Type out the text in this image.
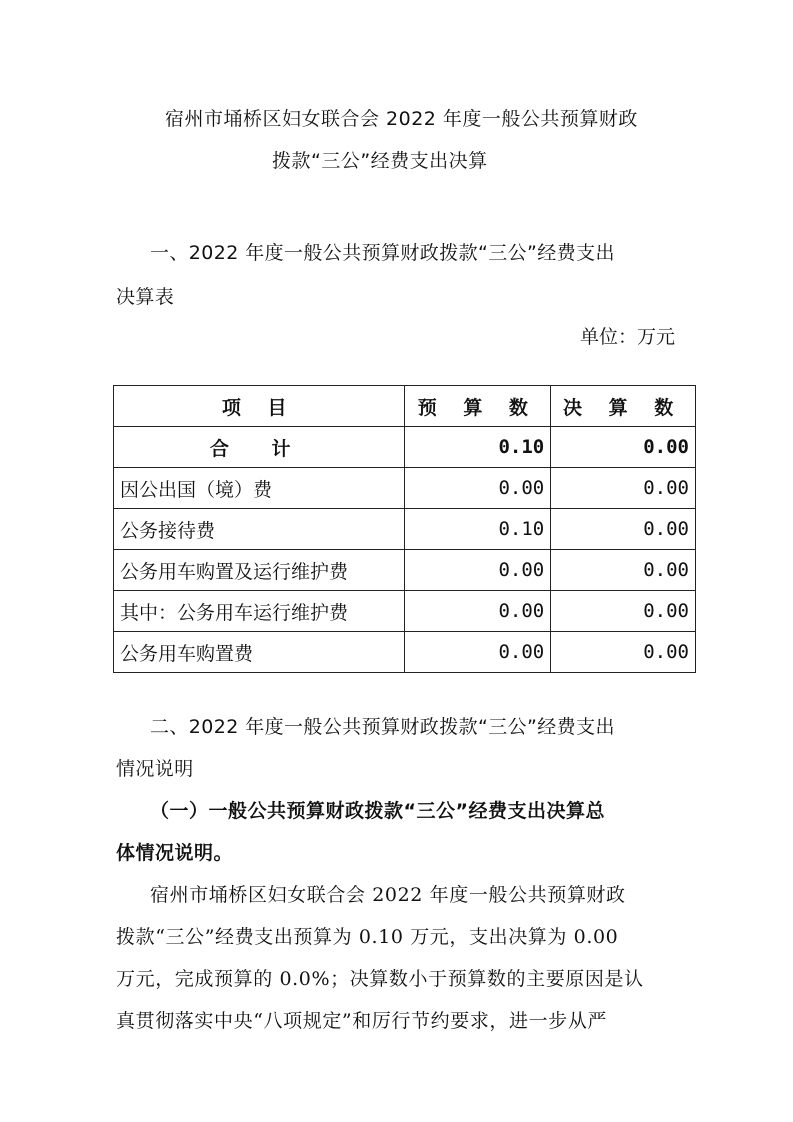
宿州市埇桥区妇女联合会 2022 年度一般公共预算财政
拨款“三公”经费支出决算
一、2022 年度一般公共预算财政拨款“三公”经费支出
决算表
单位：万元
项 目	预 算 数	决 算 数
合 计	0.10	0.00
因公出国（境）费	0.00	0.00
公务接待费	0.10	0.00
公务用车购置及运行维护费	0.00	0.00
其中：公务用车运行维护费	0.00	0.00
公务用车购置费	0.00	0.00
二、2022 年度一般公共预算财政拨款“三公”经费支出
情况说明
（一）一般公共预算财政拨款“三公”经费支出决算总
体情况说明。
宿州市埇桥区妇女联合会 2022 年度一般公共预算财政
拨款“三公”经费支出预算为 0.10 万元，支出决算为 0.00
万元，完成预算的 0.0%；决算数小于预算数的主要原因是认
真贯彻落实中央“八项规定”和厉行节约要求，进一步从严
